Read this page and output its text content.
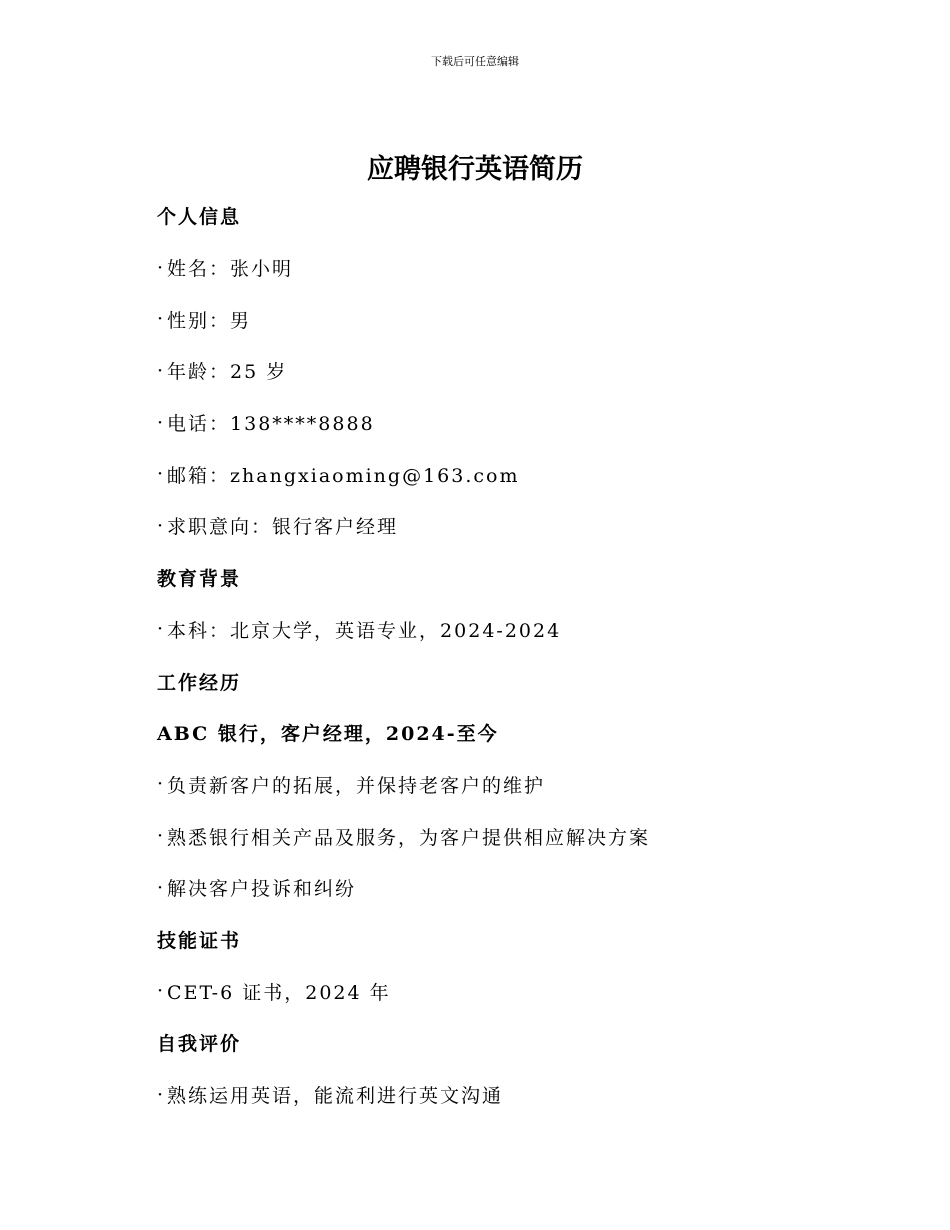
下载后可任意编辑
应聘银行英语简历
个人信息
· 姓名：张小明
· 性别：男
· 年龄：25 岁
· 电话：138****8888
· 邮箱：zhangxiaoming@163.com
· 求职意向：银行客户经理
教育背景
· 本科：北京大学，英语专业，2024-2024
工作经历
ABC 银行，客户经理，2024-至今
· 负责新客户的拓展，并保持老客户的维护
· 熟悉银行相关产品及服务，为客户提供相应解决方案
· 解决客户投诉和纠纷
技能证书
· CET-6 证书，2024 年
自我评价
· 熟练运用英语，能流利进行英文沟通
